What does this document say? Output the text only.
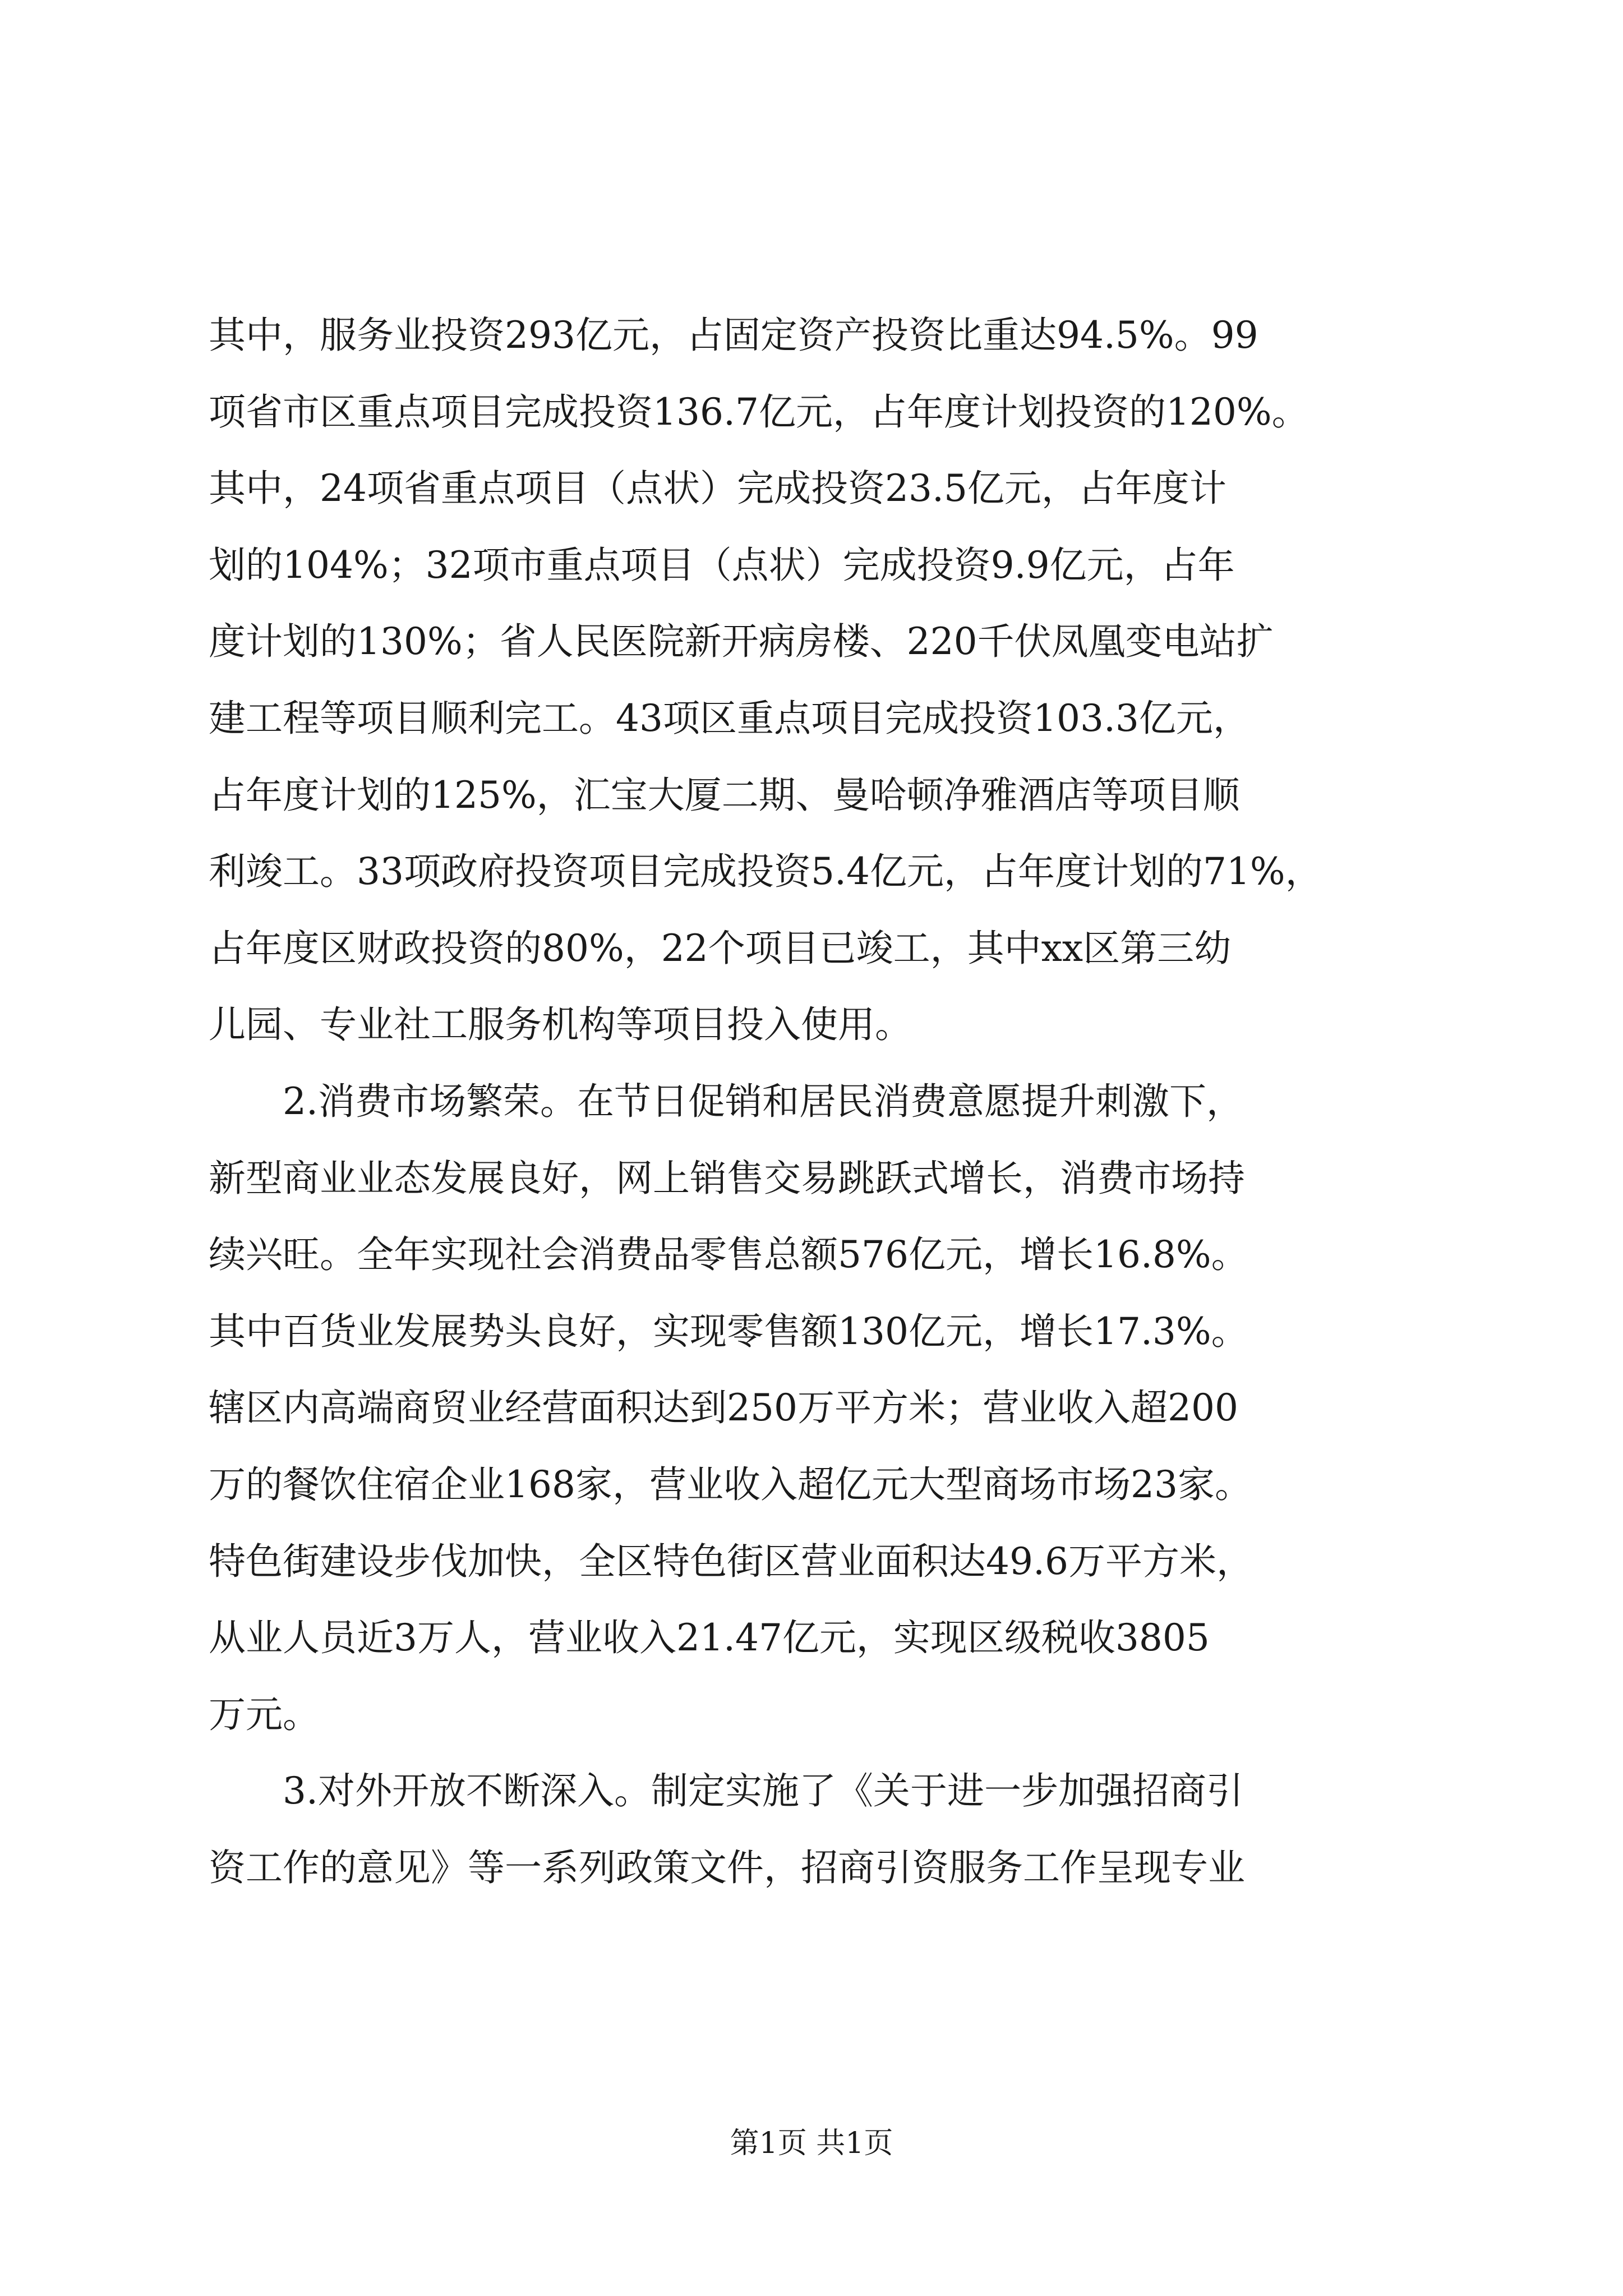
其中，服务业投资293亿元，占固定资产投资比重达94.5%。99
项省市区重点项目完成投资136.7亿元，占年度计划投资的120%。
其中，24项省重点项目（点状）完成投资23.5亿元，占年度计
划的104%；32项市重点项目（点状）完成投资9.9亿元，占年
度计划的130%；省人民医院新开病房楼、220千伏凤凰变电站扩
建工程等项目顺利完工。43项区重点项目完成投资103.3亿元，
占年度计划的125%，汇宝大厦二期、曼哈顿净雅酒店等项目顺
利竣工。33项政府投资项目完成投资5.4亿元，占年度计划的71%，
占年度区财政投资的80%，22个项目已竣工，其中xx区第三幼
儿园、专业社工服务机构等项目投入使用。
2.消费市场繁荣。在节日促销和居民消费意愿提升刺激下，
新型商业业态发展良好，网上销售交易跳跃式增长，消费市场持
续兴旺。全年实现社会消费品零售总额576亿元，增长16.8%。
其中百货业发展势头良好，实现零售额130亿元，增长17.3%。
辖区内高端商贸业经营面积达到250万平方米；营业收入超200
万的餐饮住宿企业168家，营业收入超亿元大型商场市场23家。
特色街建设步伐加快，全区特色街区营业面积达49.6万平方米，
从业人员近3万人，营业收入21.47亿元，实现区级税收3805
万元。
3.对外开放不断深入。制定实施了《关于进一步加强招商引
资工作的意见》等一系列政策文件，招商引资服务工作呈现专业
第1页 共1页
